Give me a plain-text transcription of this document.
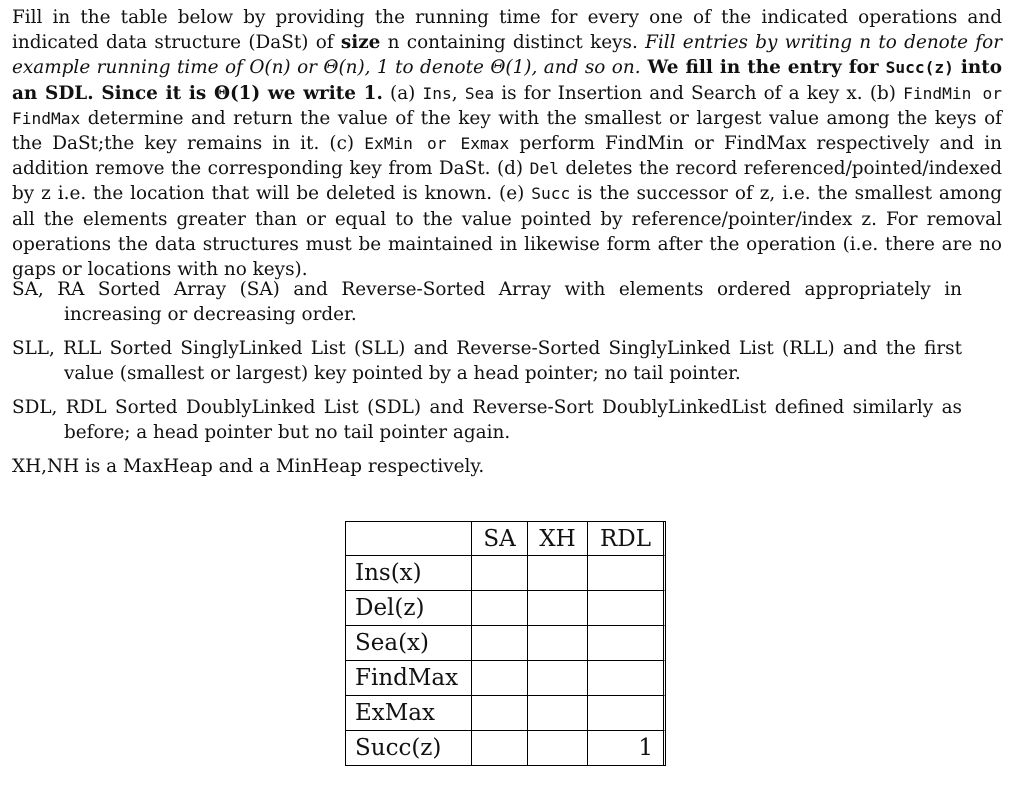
Fill in the table below by providing the running time for every one of the indicated operations and indicated data structure (DaSt) of size n containing distinct keys. Fill entries by writing n to denote for example running time of O(n) or Θ(n), 1 to denote Θ(1), and so on. We fill in the entry for Succ(z) into an SDL. Since it is Θ(1) we write 1. (a) Ins, Sea is for Insertion and Search of a key x. (b) FindMin or FindMax determine and return the value of the key with the smallest or largest value among the keys of the DaSt;the key remains in it. (c) ExMin or Exmax perform FindMin or FindMax respectively and in addition remove the corresponding key from DaSt. (d) Del deletes the record referenced/pointed/indexed by z i.e. the location that will be deleted is known. (e) Succ is the successor of z, i.e. the smallest among all the elements greater than or equal to the value pointed by reference/pointer/index z. For removal operations the data structures must be maintained in likewise form after the operation (i.e. there are no gaps or locations with no keys).
SA, RA Sorted Array (SA) and Reverse-Sorted Array with elements ordered appropriately in increasing or decreasing order.
SLL, RLL Sorted SinglyLinked List (SLL) and Reverse-Sorted SinglyLinked List (RLL) and the first value (smallest or largest) key pointed by a head pointer; no tail pointer.
SDL, RDL Sorted DoublyLinked List (SDL) and Reverse-Sort DoublyLinkedList defined similarly as before; a head pointer but no tail pointer again.
XH,NH is a MaxHeap and a MinHeap respectively.
	SA	XH	RDL
Ins(x)			
Del(z)			
Sea(x)			
FindMax			
ExMax			
Succ(z)			1
